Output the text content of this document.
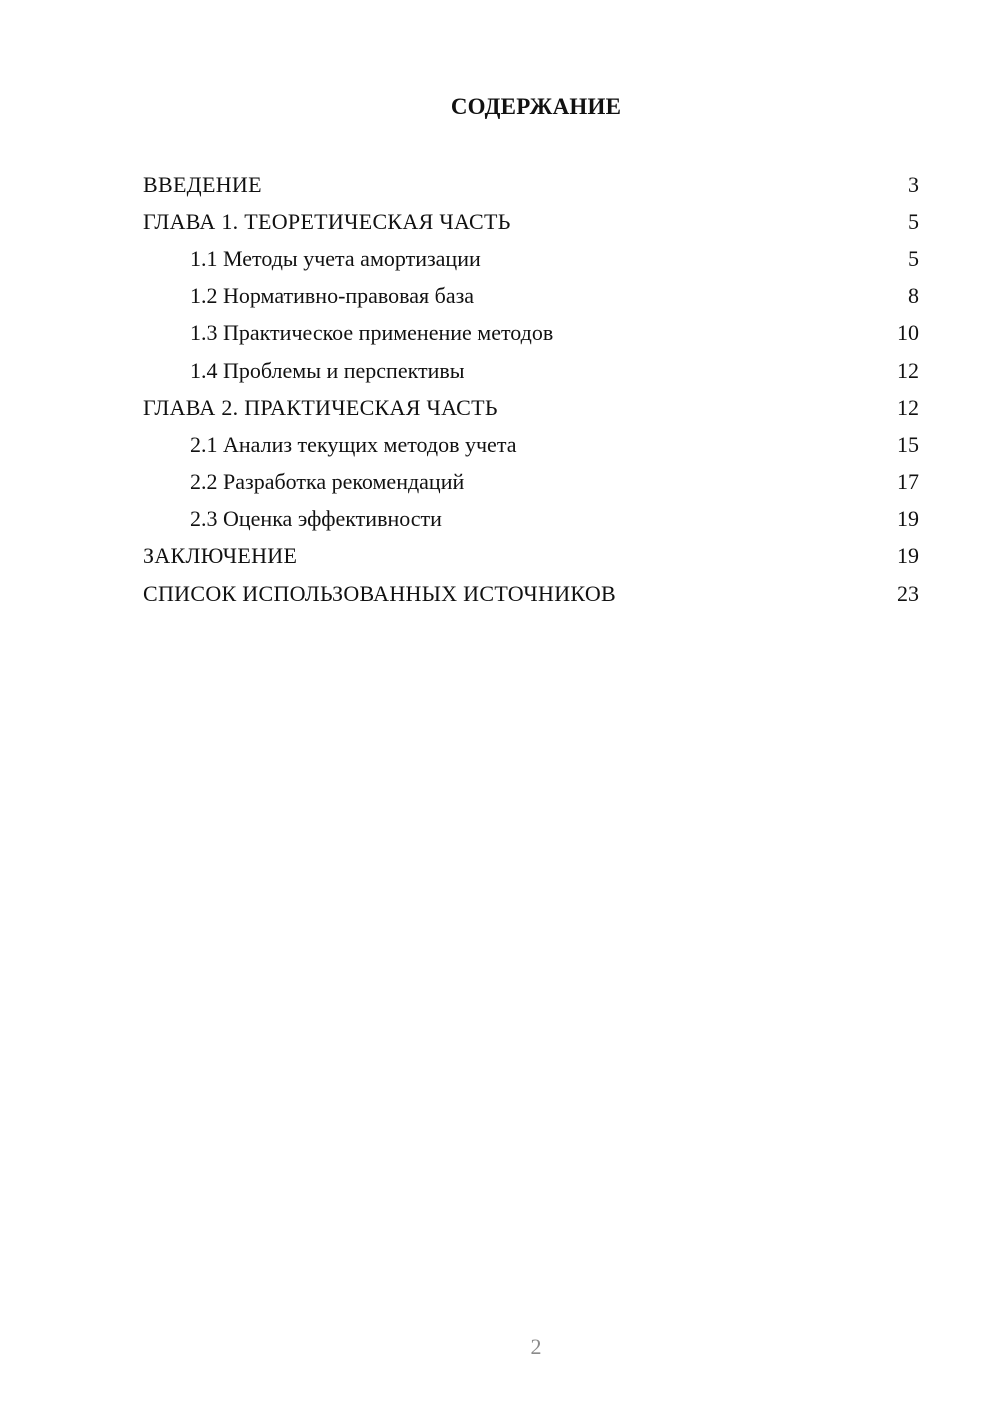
СОДЕРЖАНИЕ
ВВЕДЕНИЕ	3
ГЛАВА 1. ТЕОРЕТИЧЕСКАЯ ЧАСТЬ	5
1.1 Методы учета амортизации	5
1.2 Нормативно-правовая база	8
1.3 Практическое применение методов	10
1.4 Проблемы и перспективы	12
ГЛАВА 2. ПРАКТИЧЕСКАЯ ЧАСТЬ	12
2.1 Анализ текущих методов учета	15
2.2 Разработка рекомендаций	17
2.3 Оценка эффективности	19
ЗАКЛЮЧЕНИЕ	19
СПИСОК ИСПОЛЬЗОВАННЫХ ИСТОЧНИКОВ	23
2
